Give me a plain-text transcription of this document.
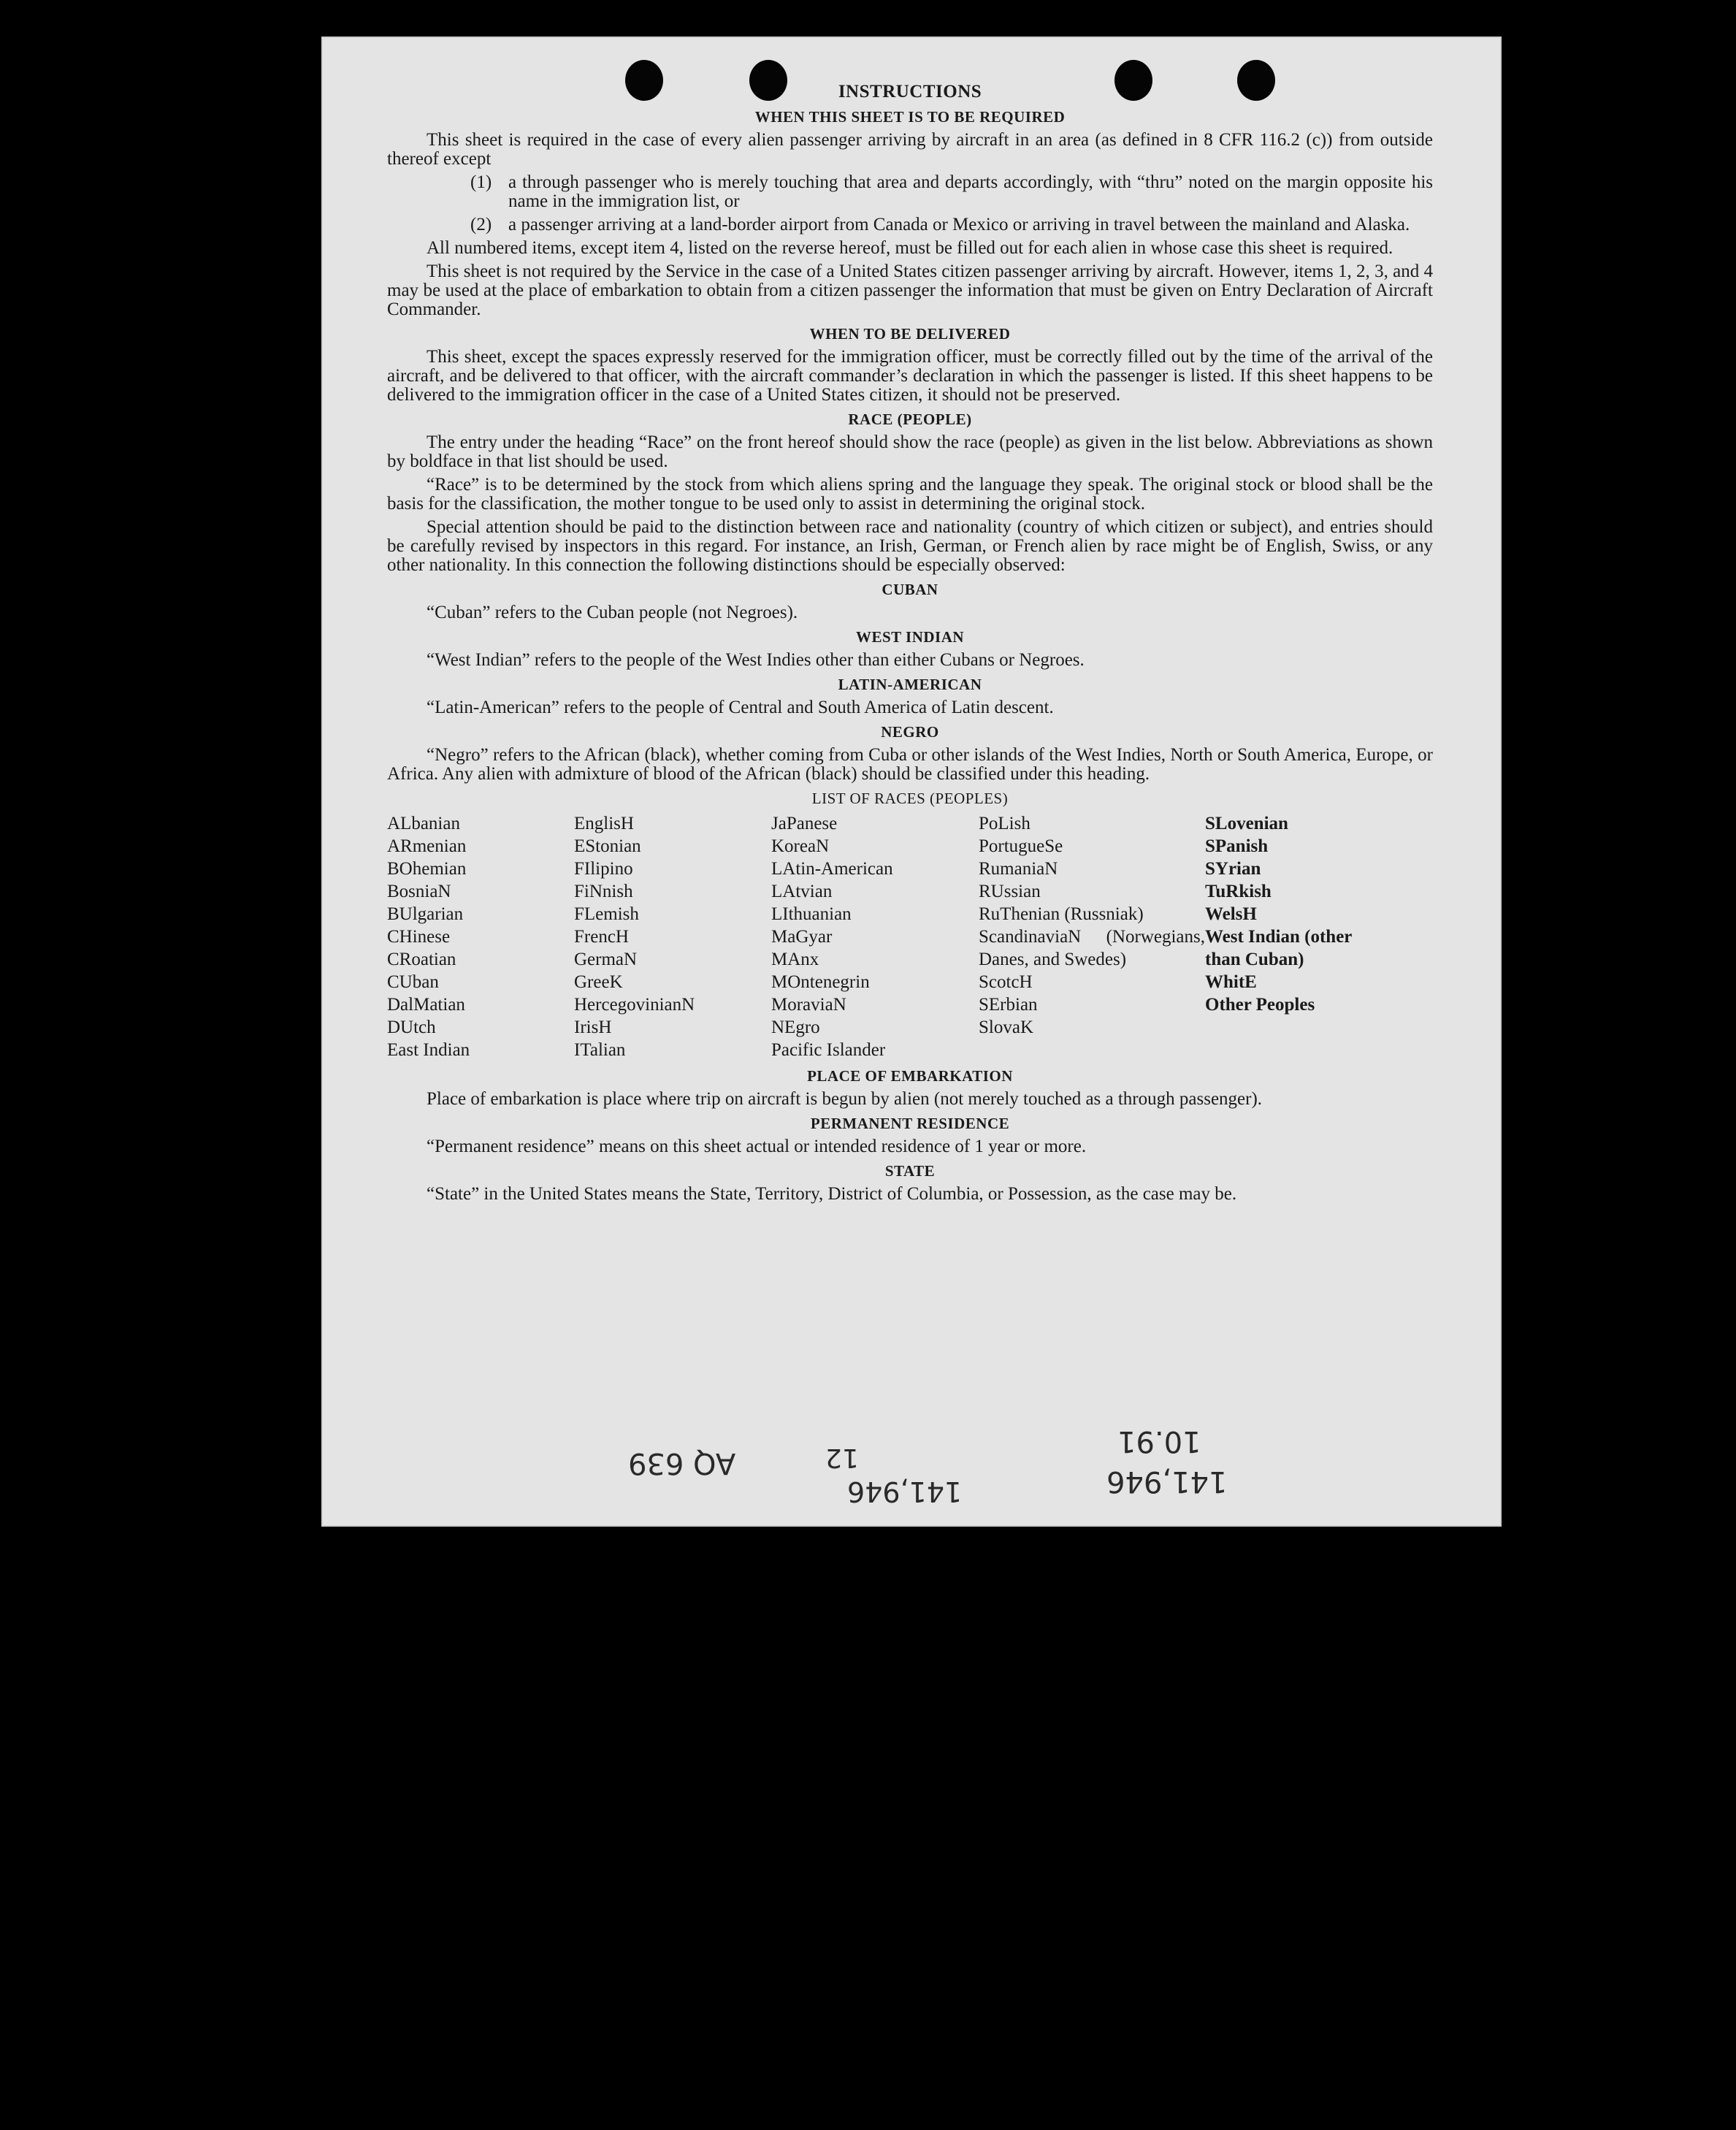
INSTRUCTIONS
WHEN THIS SHEET IS TO BE REQUIRED

This sheet is required in the case of every alien passenger arriving by aircraft in an area (as defined in 8 CFR 116.2 (c)) from outside thereof except

(1) a through passenger who is merely touching that area and departs accordingly, with “thru” noted on the margin opposite his name in the immigration list, or
(2) a passenger arriving at a land-border airport from Canada or Mexico or arriving in travel between the mainland and Alaska.

All numbered items, except item 4, listed on the reverse hereof, must be filled out for each alien in whose case this sheet is required.

This sheet is not required by the Service in the case of a United States citizen passenger arriving by aircraft. However, items 1, 2, 3, and 4 may be used at the place of embarkation to obtain from a citizen passenger the information that must be given on Entry Declaration of Aircraft Commander.

WHEN TO BE DELIVERED

This sheet, except the spaces expressly reserved for the immigration officer, must be correctly filled out by the time of the arrival of the aircraft, and be delivered to that officer, with the aircraft commander’s declaration in which the passenger is listed. If this sheet happens to be delivered to the immigration officer in the case of a United States citizen, it should not be preserved.

RACE (PEOPLE)

The entry under the heading “Race” on the front hereof should show the race (people) as given in the list below. Abbreviations as shown by boldface in that list should be used.

“Race” is to be determined by the stock from which aliens spring and the language they speak. The original stock or blood shall be the basis for the classification, the mother tongue to be used only to assist in determining the original stock.

Special attention should be paid to the distinction between race and nationality (country of which citizen or subject), and entries should be carefully revised by inspectors in this regard. For instance, an Irish, German, or French alien by race might be of English, Swiss, or any other nationality. In this connection the following distinctions should be especially observed:

CUBAN

“Cuban” refers to the Cuban people (not Negroes).

WEST INDIAN

“West Indian” refers to the people of the West Indies other than either Cubans or Negroes.

LATIN-AMERICAN

“Latin-American” refers to the people of Central and South America of Latin descent.

NEGRO

“Negro” refers to the African (black), whether coming from Cuba or other islands of the West Indies, North or South America, Europe, or Africa. Any alien with admixture of blood of the African (black) should be classified under this heading.

LIST OF RACES (PEOPLES)
ALbanian
ARmenian
BOhemian
BosniaN
BUlgarian
CHinese
CRoatian
CUban
DalMatian
DUtch
East Indian
EnglisH
EStonian
FIlipino
FiNnish
FLemish
FrencH
GermaN
GreeK
HercegovinianN
IrisH
ITalian
JaPanese
KoreaN
LAtin-American
LAtvian
LIthuanian
MaGyar
MAnx
MOntenegrin
MoraviaN
NEgro
Pacific Islander
PoLish
PortugueSe
RumaniaN
RUssian
RuThenian (Russniak)
ScandinaviaN (Norwegians, Danes, and Swedes)
ScotcH
SErbian
SlovaK
SLovenian
SPanish
SYrian
TuRkish
WelsH
West Indian (other than Cuban)
WhitE
Other Peoples
PLACE OF EMBARKATION

Place of embarkation is place where trip on aircraft is begun by alien (not merely touched as a through passenger).

PERMANENT RESIDENCE

“Permanent residence” means on this sheet actual or intended residence of 1 year or more.

STATE

“State” in the United States means the State, Territory, District of Columbia, or Possession, as the case may be.

AQ 639	12
141,946
10.91
141,946
